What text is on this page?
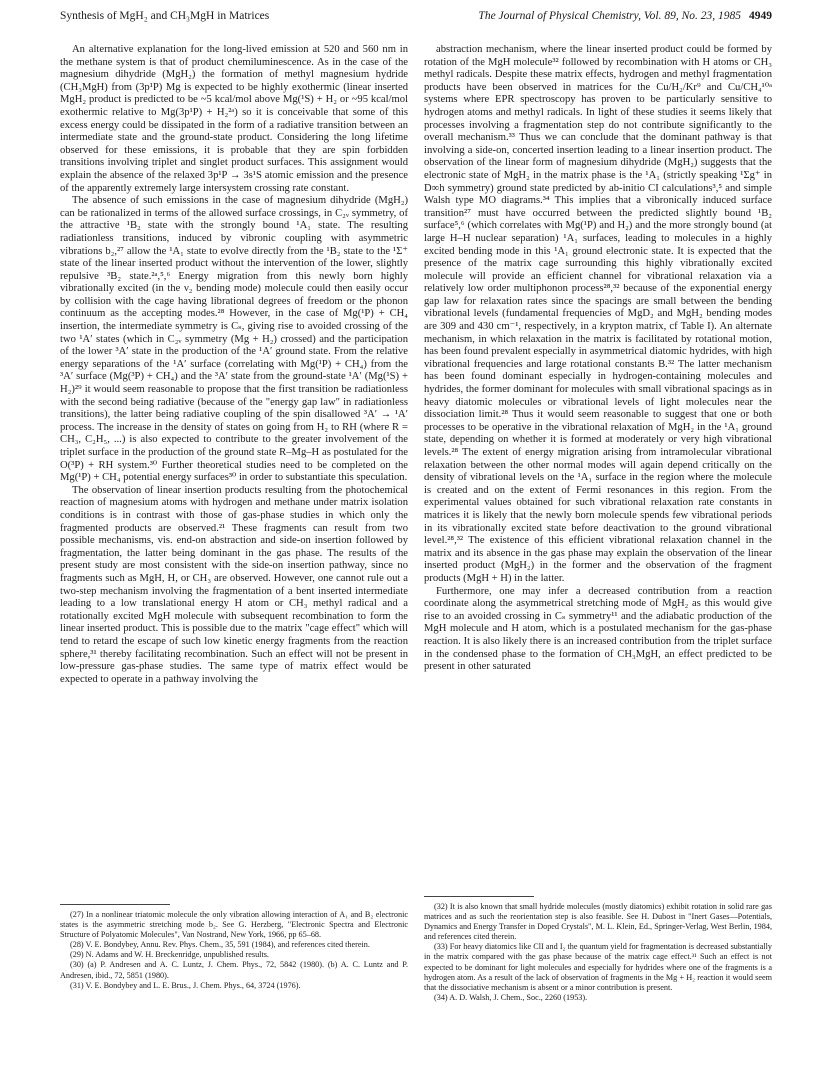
Synthesis of MgH₂ and CH₃MgH in Matrices	The Journal of Physical Chemistry, Vol. 89, No. 23, 1985 4949

An alternative explanation for the long-lived emission at 520 and 560 nm in the methane system is that of product chemiluminescence. As in the case of the magnesium dihydride (MgH₂) the formation of methyl magnesium hydride (CH₃MgH) from (3p¹P) Mg is expected to be highly exothermic (linear inserted MgH₂ product is predicted to be ~5 kcal/mol above Mg(¹S) + H₂ or ~95 kcal/mol exothermic relative to Mg(3p¹P) + H₂²ᵃ) so it is conceivable that some of this excess energy could be dissipated in the form of a radiative transition between an intermediate state and the ground-state product. Considering the long lifetime observed for these emissions, it is probable that they are spin forbidden transitions involving triplet and singlet product surfaces. This assignment would explain the absence of the relaxed 3p¹P → 3s¹S atomic emission and the presence of the apparently extremely large intersystem crossing rate constant.

The absence of such emissions in the case of magnesium dihydride (MgH₂) can be rationalized in terms of the allowed surface crossings, in C₂ᵥ symmetry, of the attractive ¹B₂ state with the strongly bound ¹A₁ state. The resulting radiationless transitions, induced by vibronic coupling with asymmetric vibrations b₂,²⁷ allow the ¹A₁ state to evolve directly from the ¹B₂ state to the ¹Σ⁺ state of the linear inserted product without the intervention of the lower, slightly repulsive ³B₂ state.²ᵃ,⁵,⁶ Energy migration from this newly born highly vibrationally excited (in the ν₂ bending mode) molecule could then easily occur by collision with the cage having librational degrees of freedom or the phonon continuum as the accepting modes.²⁸ However, in the case of Mg(¹P) + CH₄ insertion, the intermediate symmetry is Cₛ, giving rise to avoided crossing of the two ¹A′ states (which in C₂ᵥ symmetry (Mg + H₂) crossed) and the participation of the lower ³A′ state in the production of the ¹A′ ground state. From the relative energy separations of the ¹A′ surface (correlating with Mg(¹P) + CH₄) from the ³A′ surface (Mg(³P) + CH₄) and the ³A′ state from the ground-state ¹A′ (Mg(¹S) + H₂)²⁹ it would seem reasonable to propose that the first transition be radiationless with the second being radiative (because of the "energy gap law" in radiationless transitions), the latter being radiative coupling of the spin disallowed ³A′ → ¹A′ process. The increase in the density of states on going from H₂ to RH (where R = CH₃, C₂H₅, ...) is also expected to contribute to the greater involvement of the triplet surface in the production of the ground state R–Mg–H as postulated for the O(³P) + RH system.³⁰ Further theoretical studies need to be completed on the Mg(¹P) + CH₄ potential energy surfaces³⁰ in order to substantiate this speculation.

The observation of linear insertion products resulting from the photochemical reaction of magnesium atoms with hydrogen and methane under matrix isolation conditions is in contrast with those of gas-phase studies in which only the fragmented products are observed.²¹ These fragments can result from two possible mechanisms, vis. end-on abstraction and side-on insertion followed by fragmentation, the latter being dominant in the gas phase. The results of the present study are most consistent with the side-on insertion pathway, since no fragments such as MgH, H, or CH₃ are observed. However, one cannot rule out a two-step mechanism involving the fragmentation of a bent inserted intermediate leading to a low translational energy H atom or CH₃ methyl radical and a rotationally excited MgH molecule with subsequent recombination to form the linear inserted product. This is possible due to the matrix "cage effect" which will tend to retard the escape of such low kinetic energy fragments from the reaction sphere,³¹ thereby facilitating recombination. Such an effect will not be present in low-pressure gas-phase studies. The same type of matrix effect would be expected to operate in a pathway involving the

abstraction mechanism, where the linear inserted product could be formed by rotation of the MgH molecule³² followed by recombination with H atoms or CH₃ methyl radicals. Despite these matrix effects, hydrogen and methyl fragmentation products have been observed in matrices for the Cu/H₂/Kr⁹ and Cu/CH₄¹⁰ᵃ systems where EPR spectroscopy has proven to be particularly sensitive to hydrogen atoms and methyl radicals. In light of these studies it seems likely that processes involving a fragmentation step do not contribute significantly to the overall mechanism.³³ Thus we can conclude that the dominant pathway is that involving a side-on, concerted insertion leading to a linear insertion product. The observation of the linear form of magnesium dihydride (MgH₂) suggests that the electronic state of MgH₂ in the matrix phase is the ¹A₁ (strictly speaking ¹Σg⁺ in D∞h symmetry) ground state predicted by ab-initio CI calculations³,⁵ and simple Walsh type MO diagrams.³⁴ This implies that a vibronically induced surface transition²⁷ must have occurred between the predicted slightly bound ¹B₂ surface⁵,⁶ (which correlates with Mg(¹P) and H₂) and the more strongly bound (at large H–H nuclear separation) ¹A₁ surfaces, leading to molecules in a highly excited bending mode in this ¹A₁ ground electronic state. It is expected that the presence of the matrix cage surrounding this highly vibrationally excited molecule will provide an efficient channel for vibrational relaxation via a relatively low order multiphonon process²⁸,³² because of the exponential energy gap law for relaxation rates since the spacings are small between the bending vibrational levels (fundamental frequencies of MgD₂ and MgH₂ bending modes are 309 and 430 cm⁻¹, respectively, in a krypton matrix, cf Table I). An alternate mechanism, in which relaxation in the matrix is facilitated by rotational motion, has been found prevalent especially in asymmetrical diatomic hydrides, with high vibrational frequencies and large rotational constants B.³² The latter mechanism has been found dominant especially in hydrogen-containing molecules and hydrides, the former dominant for molecules with small vibrational spacings as in heavy diatomic molecules or vibrational levels of light molecules near the dissociation limit.²⁸ Thus it would seem reasonable to suggest that one or both processes to be operative in the vibrational relaxation of MgH₂ in the ¹A₁ ground state, depending on whether it is formed at moderately or very high vibrational levels.²⁸ The extent of energy migration arising from intramolecular vibrational relaxation between the other normal modes will again depend critically on the density of vibrational levels on the ¹A₁ surface in the region where the molecule is created and on the extent of Fermi resonances in this region. From the experimental values obtained for such vibrational relaxation rate constants in matrices it is likely that the newly born molecule spends few vibrational periods in its vibrationally excited state before deactivation to the ground vibrational level.²⁸,³² The existence of this efficient vibrational relaxation channel in the matrix and its absence in the gas phase may explain the observation of the linear inserted product (MgH₂) in the former and the observation of the fragment products (MgH + H) in the latter.

Furthermore, one may infer a decreased contribution from a reaction coordinate along the asymmetrical stretching mode of MgH₂ as this would give rise to an avoided crossing in Cₛ symmetry¹¹ and the adiabatic production of the MgH molecule and H atom, which is a postulated mechanism for the gas-phase reaction. It is also likely there is an increased contribution from the triplet surface in the condensed phase to the formation of CH₃MgH, an effect predicted to be present in other saturated

(27) In a nonlinear triatomic molecule the only vibration allowing interaction of A₁ and B₂ electronic states is the asymmetric stretching mode b₂. See G. Herzberg, "Electronic Spectra and Electronic Structure of Polyatomic Molecules", Van Nostrand, New York, 1966, pp 65–68.

(28) V. E. Bondybey, Annu. Rev. Phys. Chem., 35, 591 (1984), and references cited therein.

(29) N. Adams and W. H. Breckenridge, unpublished results.

(30) (a) P. Andresen and A. C. Luntz, J. Chem. Phys., 72, 5842 (1980). (b) A. C. Luntz and P. Andresen, ibid., 72, 5851 (1980).

(31) V. E. Bondybey and L. E. Brus., J. Chem. Phys., 64, 3724 (1976).

(32) It is also known that small hydride molecules (mostly diatomics) exhibit rotation in solid rare gas matrices and as such the reorientation step is also feasible. See H. Dubost in "Inert Gases—Potentials, Dynamics and Energy Transfer in Doped Crystals", M. L. Klein, Ed., Springer-Verlag, West Berlin, 1984, and references cited therein.

(33) For heavy diatomics like ClI and I₂ the quantum yield for fragmentation is decreased substantially in the matrix compared with the gas phase because of the matrix cage effect.³¹ Such an effect is not expected to be dominant for light molecules and especially for hydrides where one of the fragments is a hydrogen atom. As a result of the lack of observation of fragments in the Mg + H₂ reaction it would seem that the dissociative mechanism is absent or a minor contribution is present.

(34) A. D. Walsh, J. Chem., Soc., 2260 (1953).
